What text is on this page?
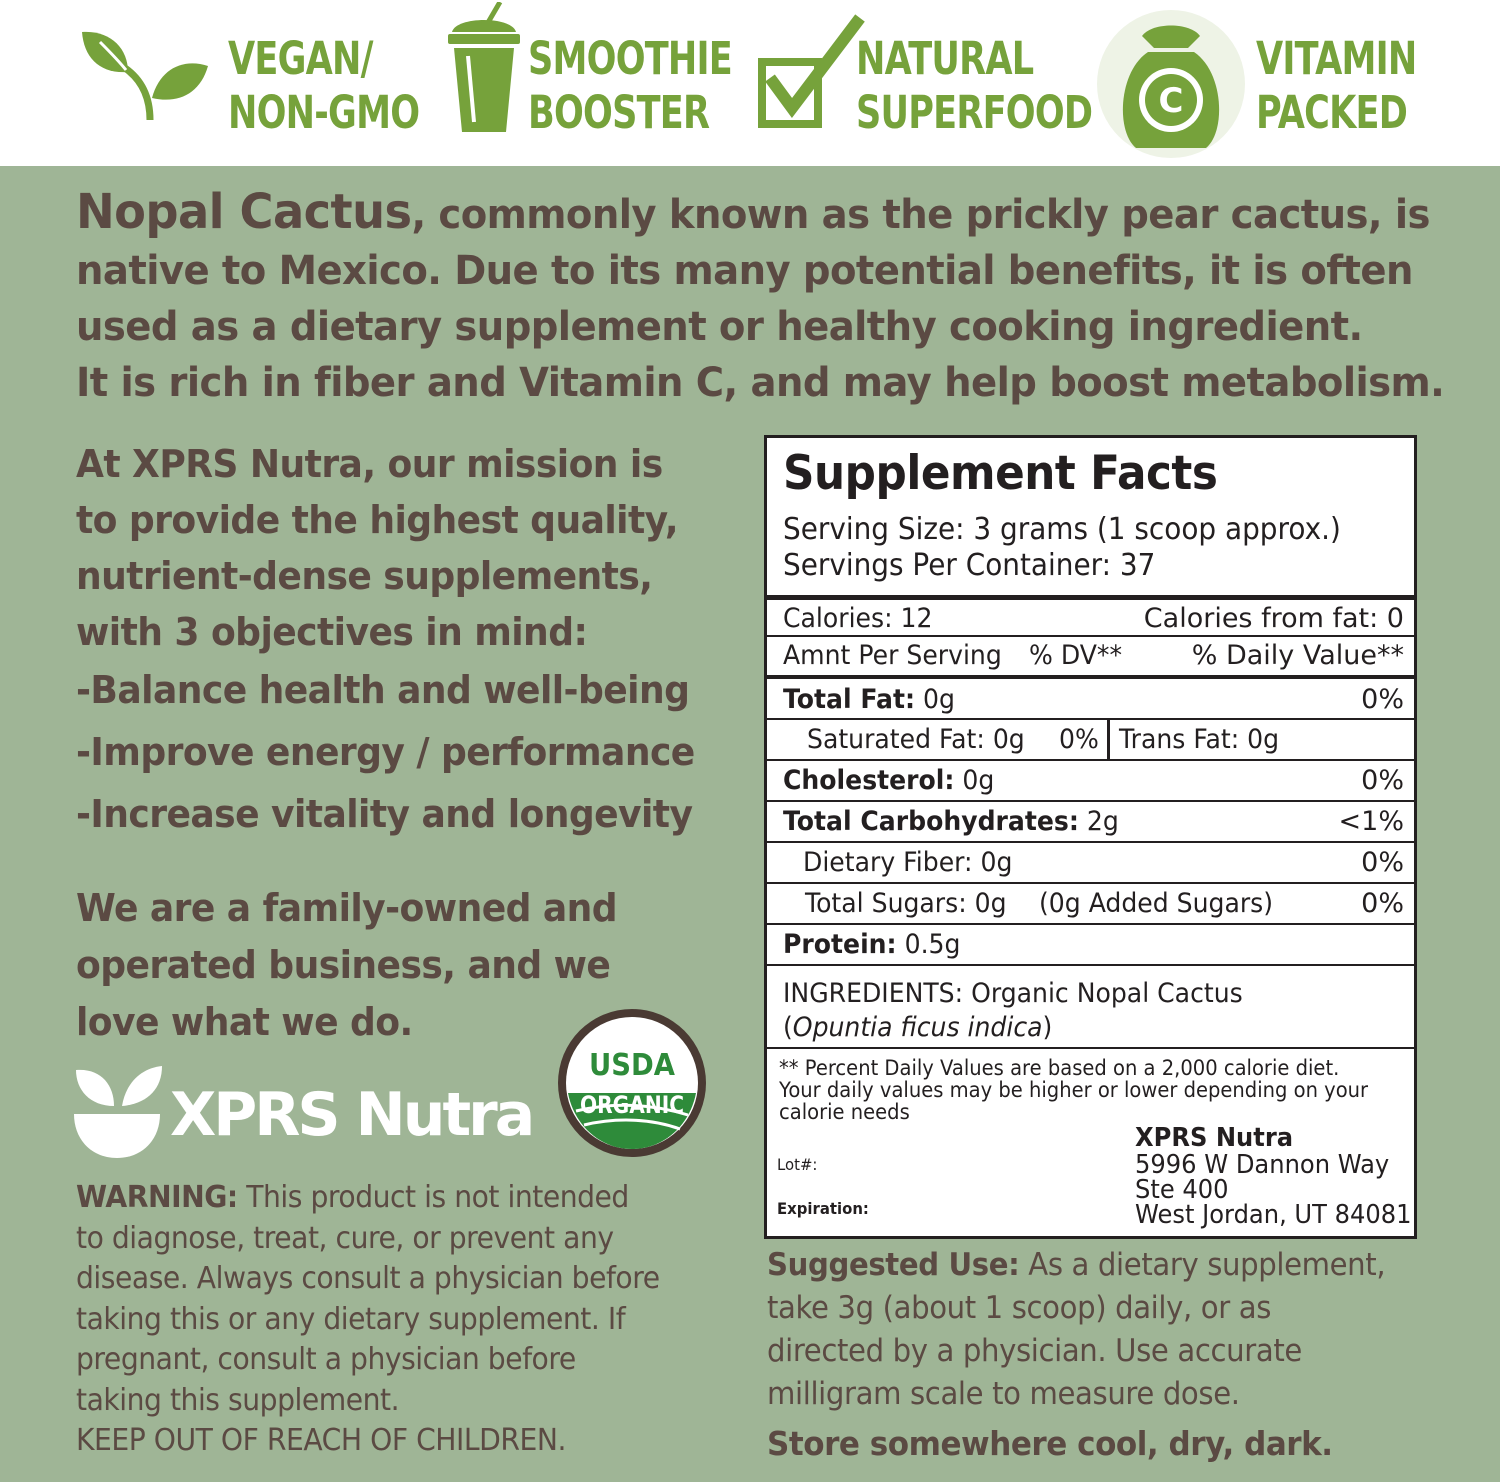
VEGAN/
NON-GMO
SMOOTHIE
BOOSTER
NATURAL
SUPERFOOD C
VITAMIN
PACKED

Nopal Cactus, commonly known as the prickly pear cactus, is

native to Mexico. Due to its many potential benefits, it is often

used as a dietary supplement or healthy cooking ingredient.

It is rich in fiber and Vitamin C, and may help boost metabolism.

At XPRS Nutra, our mission is

to provide the highest quality,

nutrient-dense supplements,

with 3 objectives in mind:

-Balance health and well-being
-Improve energy / performance
-Increase vitality and longevity

We are a family-owned and

operated business, and we

love what we do.

XPRS Nutra
USDA
ORGANIC

WARNING: This product is not intended

to diagnose, treat, cure, or prevent any

disease. Always consult a physician before

taking this or any dietary supplement. If

pregnant, consult a physician before

taking this supplement.

KEEP OUT OF REACH OF CHILDREN.

Supplement Facts
Serving Size: 3 grams (1 scoop approx.)
Servings Per Container: 37
Calories: 12	Calories from fat: 0
Amnt Per Serving % DV**	% Daily Value**
Total Fat: 0g	0%
Saturated Fat: 0g 0% Trans Fat: 0g
Cholesterol: 0g	0%
Total Carbohydrates: 2g	<1%
Dietary Fiber: 0g	0%
Total Sugars: 0g (0g Added Sugars)	0%
Protein: 0.5g
INGREDIENTS: Organic Nopal Cactus
(Opuntia ficus indica)
** Percent Daily Values are based on a 2,000 calorie diet.
Your daily values may be higher or lower depending on your
calorie needs
Lot#:
Expiration:
XPRS Nutra
5996 W Dannon Way
Ste 400
West Jordan, UT 84081

Suggested Use: As a dietary supplement,

take 3g (about 1 scoop) daily, or as

directed by a physician. Use accurate

milligram scale to measure dose.

Store somewhere cool, dry, dark.
